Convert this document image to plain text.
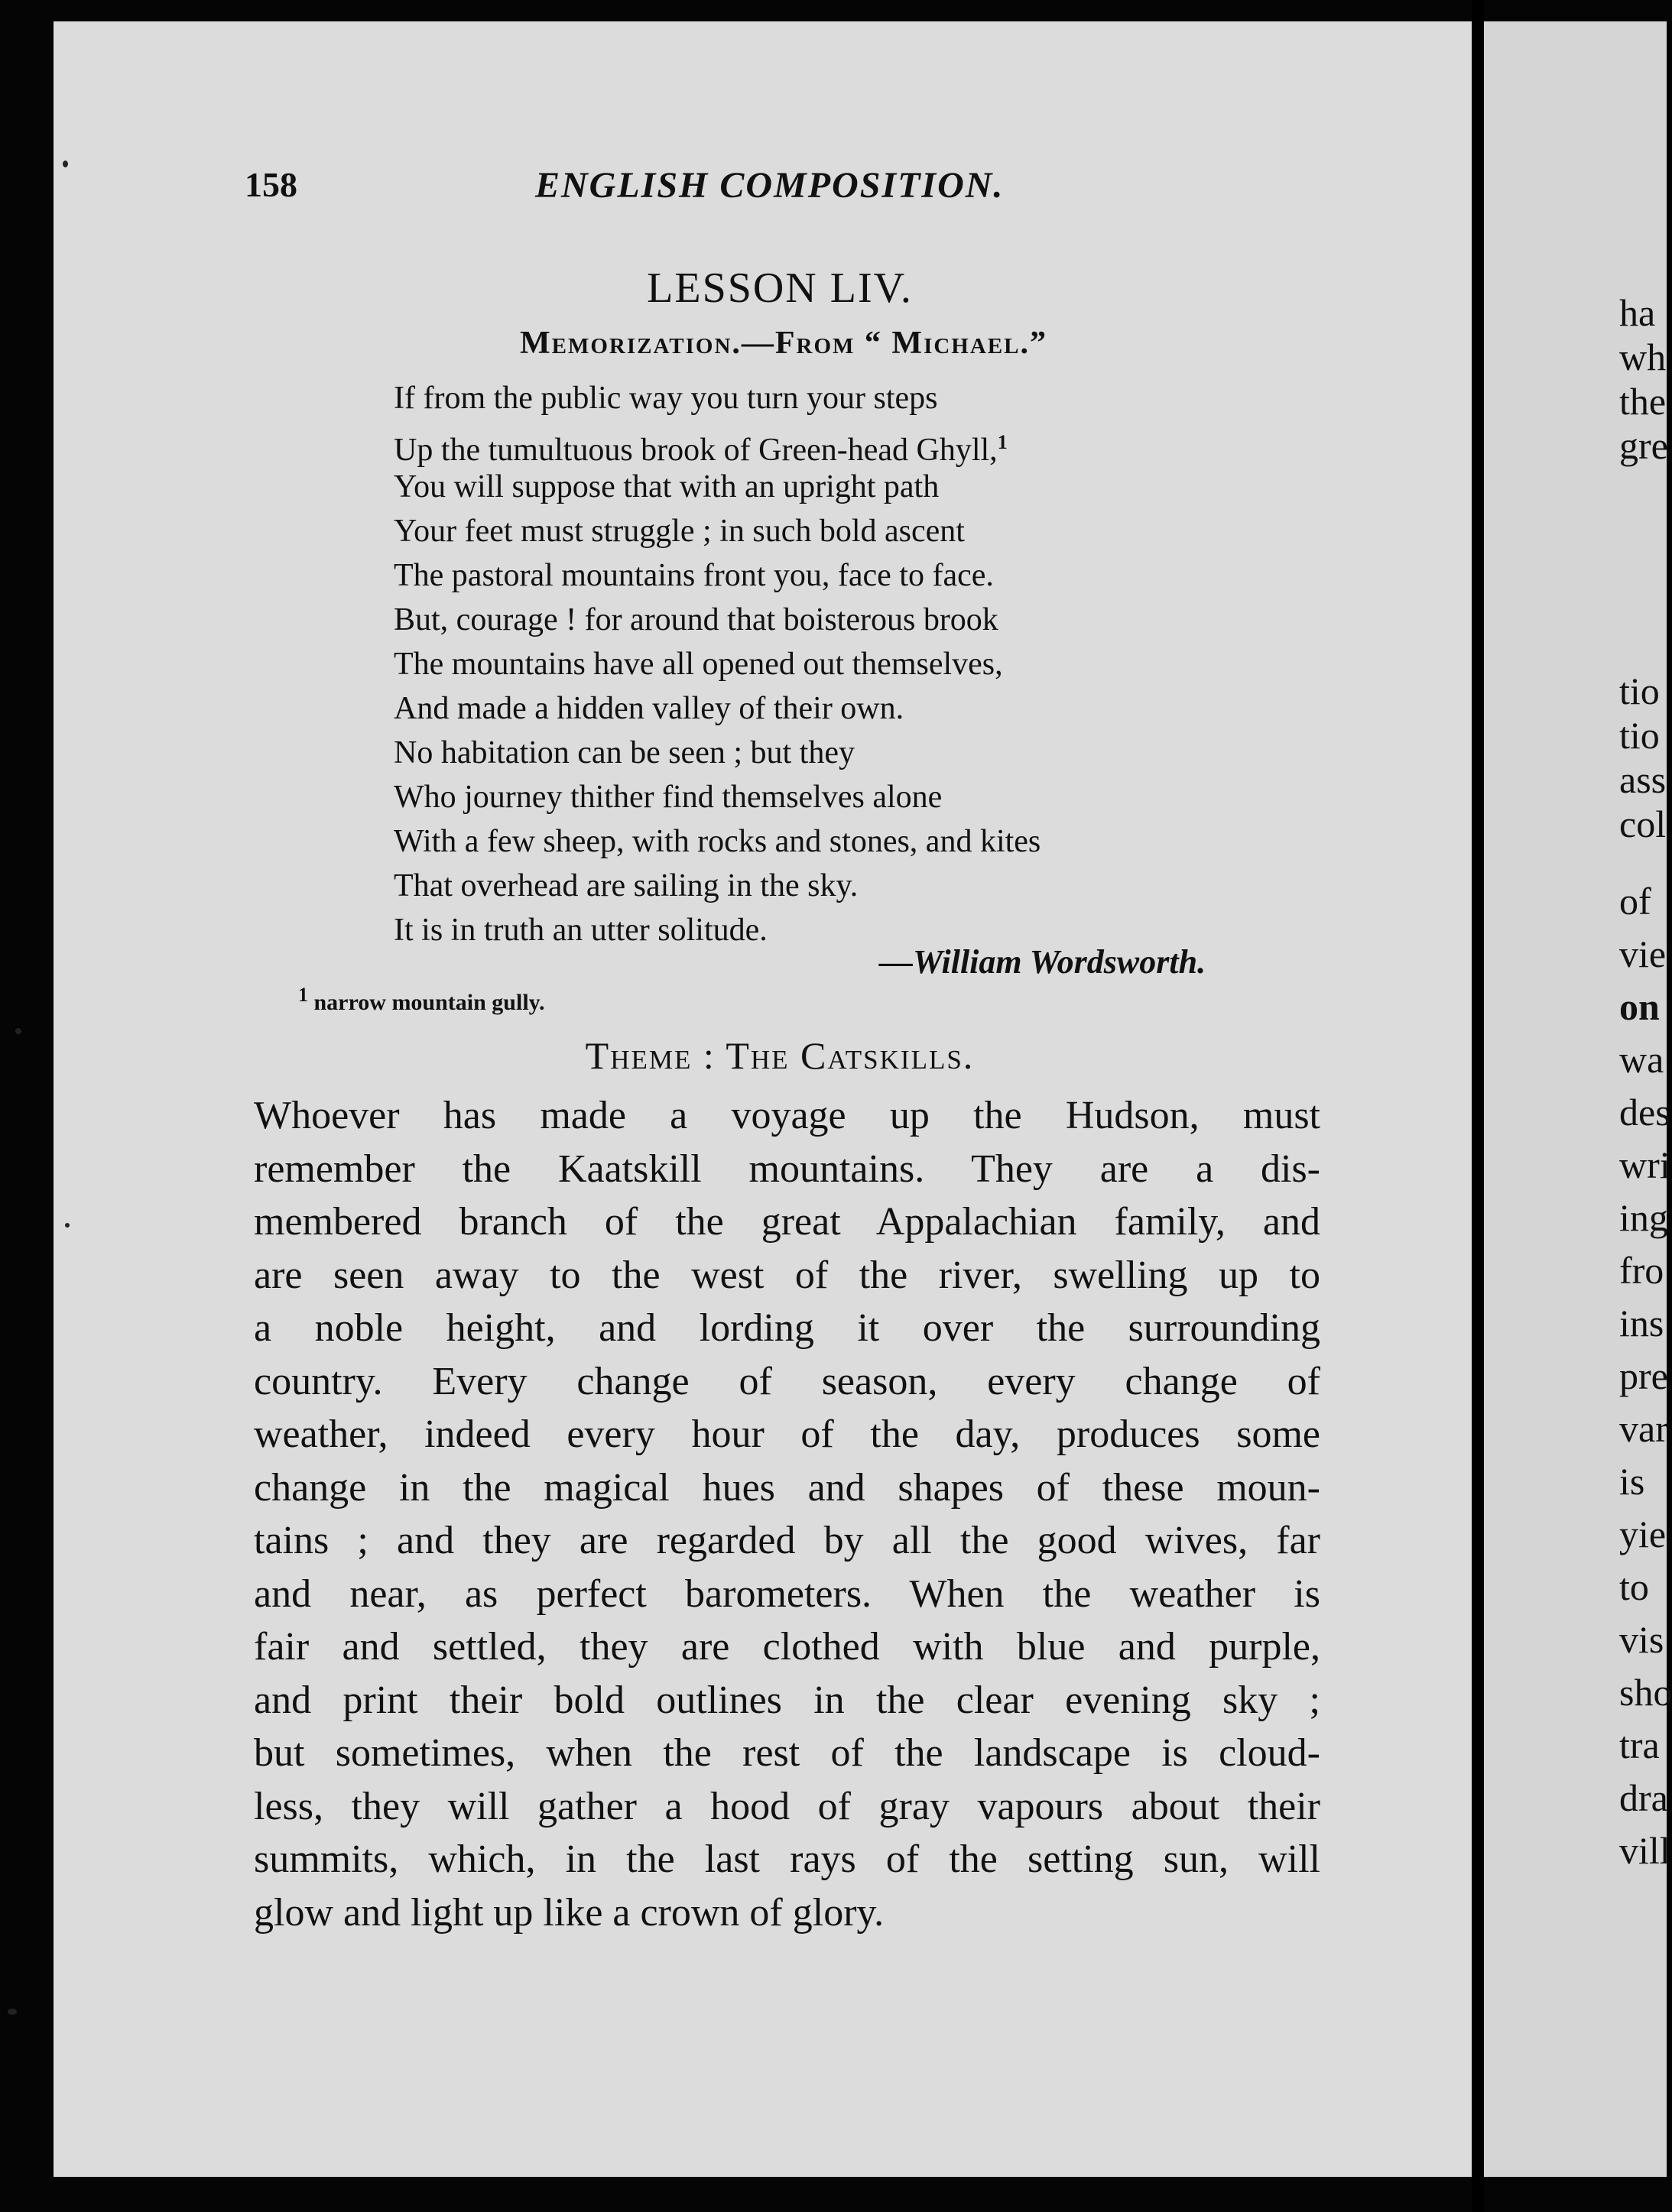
158	ENGLISH COMPOSITION.
LESSON LIV.
Memorization.—From “ Michael.”
If from the public way you turn your steps
Up the tumultuous brook of Green-head Ghyll,$^1$
You will suppose that with an upright path
Your feet must struggle ; in such bold ascent
The pastoral mountains front you, face to face.
But, courage ! for around that boisterous brook
The mountains have all opened out themselves,
And made a hidden valley of their own.
No habitation can be seen ; but they
Who journey thither find themselves alone
With a few sheep, with rocks and stones, and kites
That overhead are sailing in the sky.
It is in truth an utter solitude.
—William Wordsworth.
1 narrow mountain gully.
Theme : The Catskills.
Whoever has made a voyage up the Hudson, must
remember the Kaatskill mountains. They are a dis-
membered branch of the great Appalachian family, and
are seen away to the west of the river, swelling up to
a noble height, and lording it over the surrounding
country. Every change of season, every change of
weather, indeed every hour of the day, produces some
change in the magical hues and shapes of these moun-
tains ; and they are regarded by all the good wives, far
and near, as perfect barometers. When the weather is
fair and settled, they are clothed with blue and purple,
and print their bold outlines in the clear evening sky ;
but sometimes, when the rest of the landscape is cloud-
less, they will gather a hood of gray vapours about their
summits, which, in the last rays of the setting sun, will
glow and light up like a crown of glory.
ha
wh
the
gre
tio
tio
ass
col
of
vie
on
wa
des
wri
ing
fro
ins
pre
var
is
yie
to
vis
sho
tra
dra
vill
